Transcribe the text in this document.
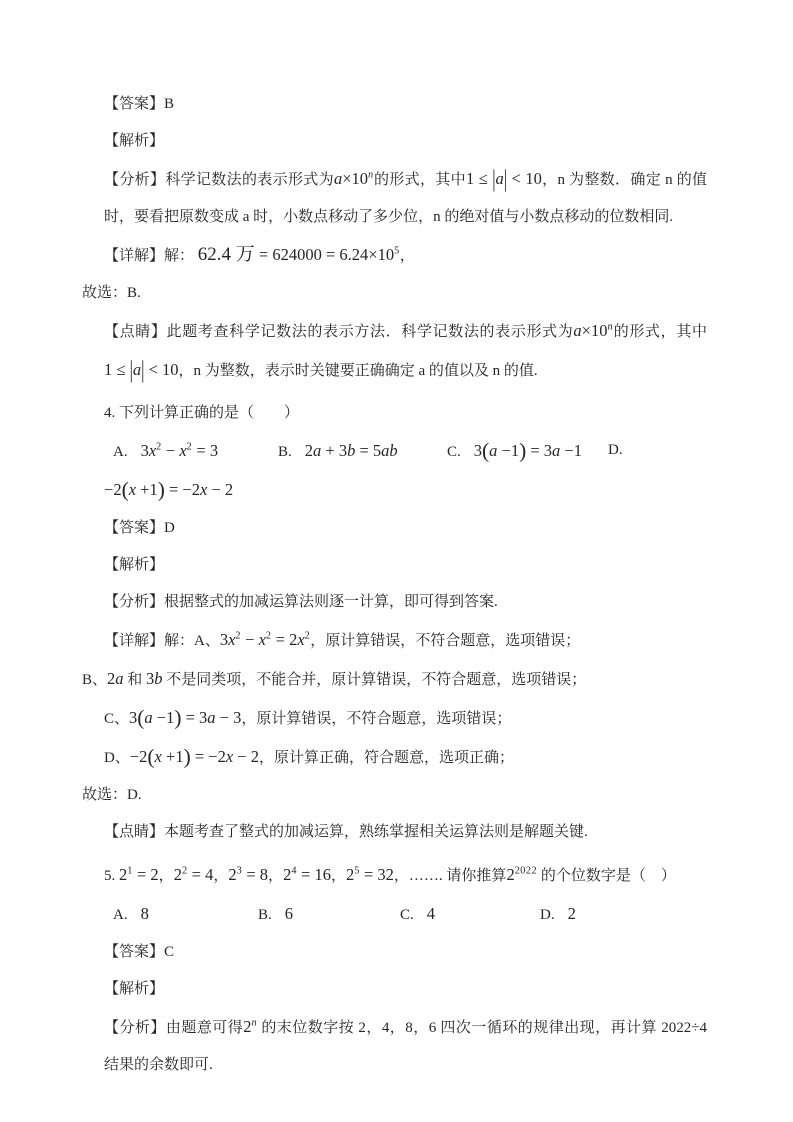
【答案】B
【解析】
【分析】科学记数法的表示形式为$a\times 10^n$的形式，其中1 ≤ |a| < 10，n 为整数．确定 n 的值时，要看把原数变成 a 时，小数点移动了多少位，n 的绝对值与小数点移动的位数相同.
【详解】解： 62.4 万 = $624000 = 6.24\times 10^5$，
故选：B.
【点睛】此题考查科学记数法的表示方法．科学记数法的表示形式为$a\times 10^n$的形式，其中1 ≤ |a| < 10，n 为整数，表示时关键要正确确定 a 的值以及 n 的值.
4. 下列计算正确的是（　　）
A. $3x^2 - x^2 = 3$	B. 2a + 3b = 5ab	C. 3(a −1) = 3a −1	D.
−2(x +1) = −2x − 2
【答案】D
【解析】
【分析】根据整式的加减运算法则逐一计算，即可得到答案.
【详解】解：A、$3x^2 - x^2 = 2x^2$，原计算错误，不符合题意，选项错误；
B、2a 和 3b 不是同类项，不能合并，原计算错误，不符合题意，选项错误；
C、3(a −1) = 3a − 3，原计算错误，不符合题意，选项错误；
D、−2(x +1) = −2x − 2，原计算正确，符合题意，选项正确；
故选：D.
【点睛】本题考查了整式的加减运算，熟练掌握相关运算法则是解题关键.
5. $2^1 = 2$，$2^2 = 4$，$2^3 = 8$，$2^4 = 16$，$2^5 = 32$，……. 请你推算$2^{2022}$ 的个位数字是（　）
A. 8	B. 6	C. 4	D. 2
【答案】C
【解析】
【分析】由题意可得2$^n$ 的末位数字按 2，4，8，6 四次一循环的规律出现，再计算 2022÷4 结果的余数即可.
